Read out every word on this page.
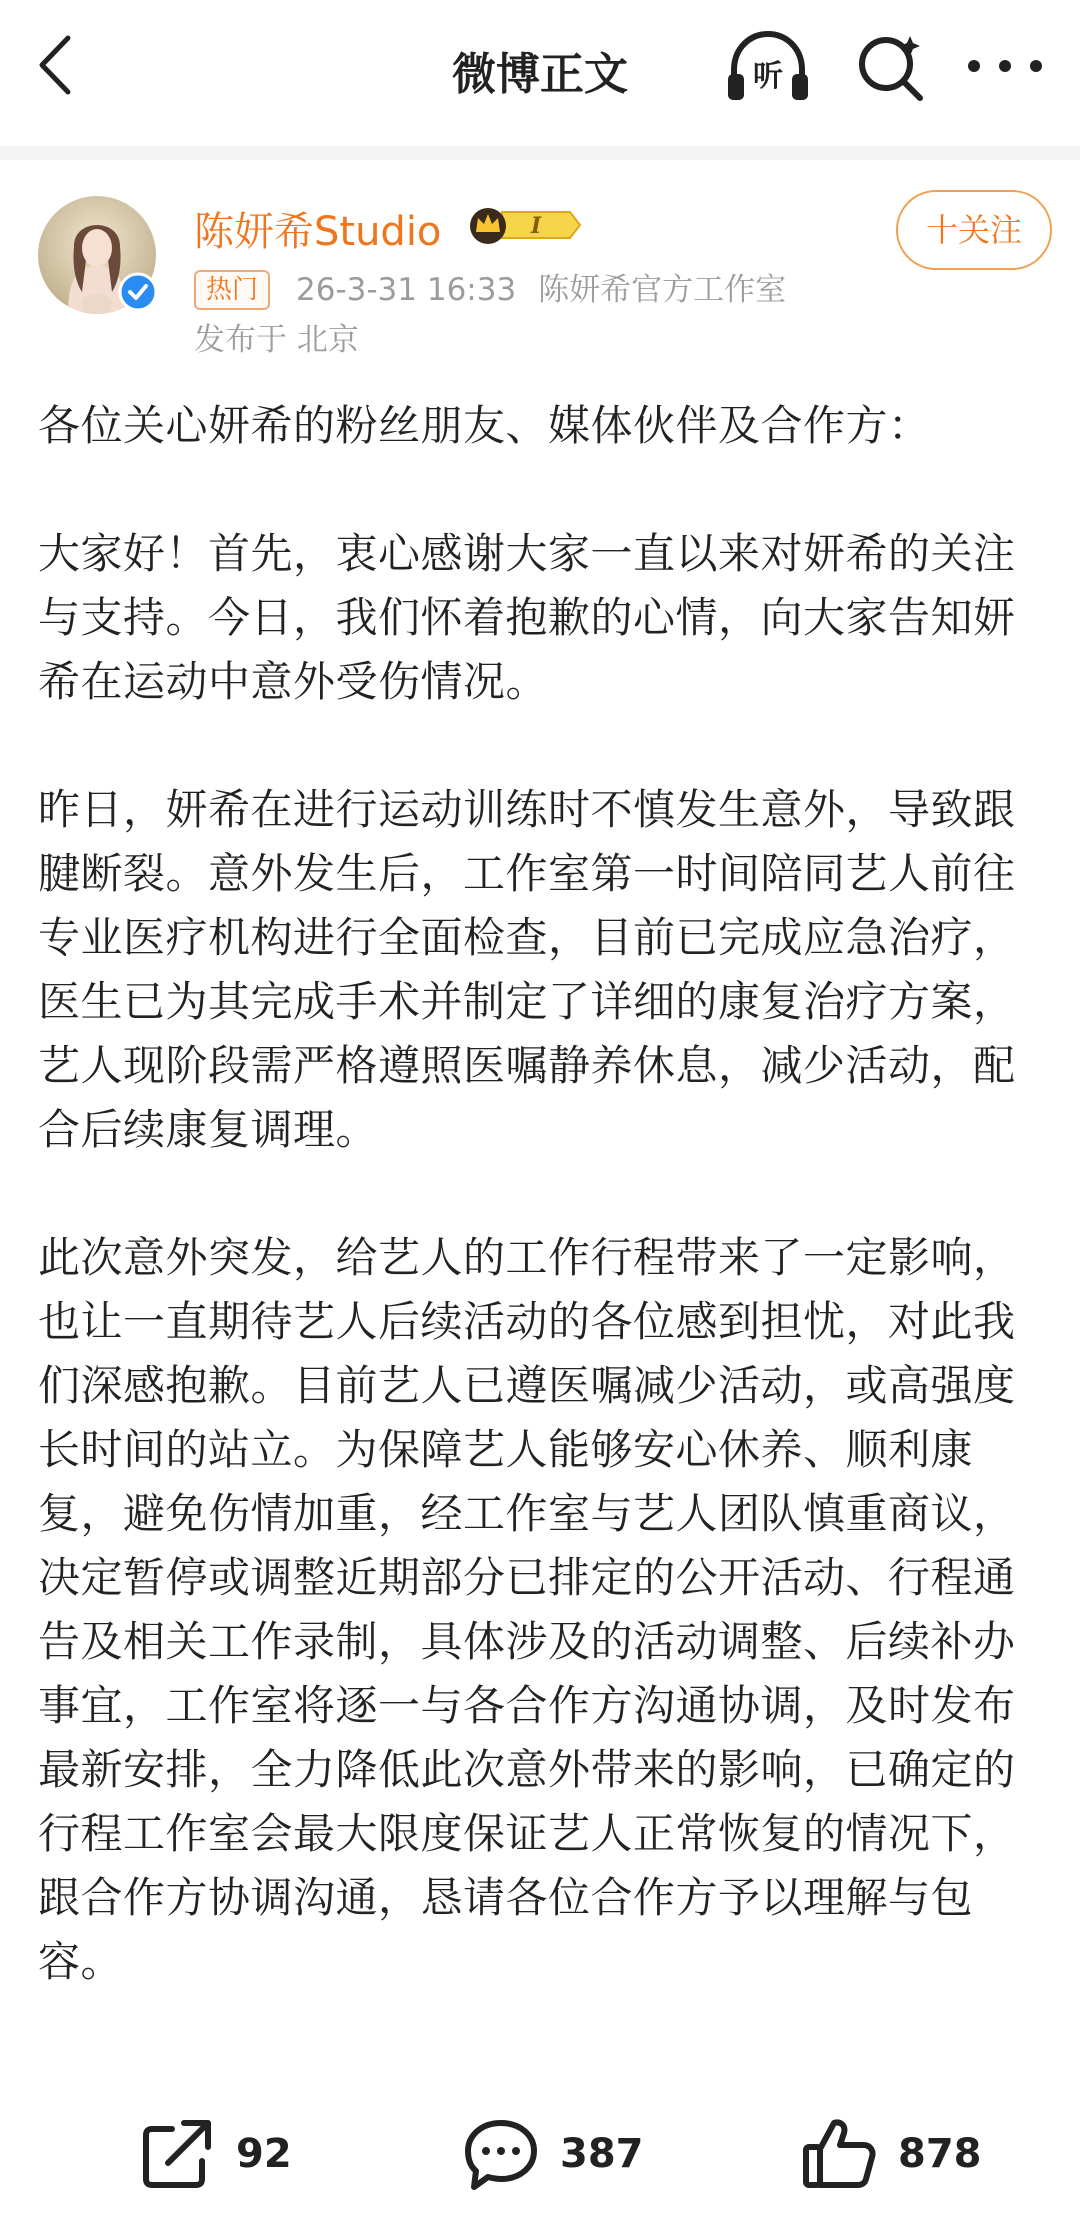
微博正文	听
陈妍希Studio	I
热门	26-3-31 16:33 陈妍希官方工作室
发布于 北京
十关注

各位关心妍希的粉丝朋友、媒体伙伴及合作方：

大家好！首先，衷心感谢大家一直以来对妍希的关注与支持。今日，我们怀着抱歉的心情，向大家告知妍希在运动中意外受伤情况。

昨日，妍希在进行运动训练时不慎发生意外，导致跟腱断裂。意外发生后，工作室第一时间陪同艺人前往专业医疗机构进行全面检查，目前已完成应急治疗，医生已为其完成手术并制定了详细的康复治疗方案，艺人现阶段需严格遵照医嘱静养休息，减少活动，配合后续康复调理。

此次意外突发，给艺人的工作行程带来了一定影响，也让一直期待艺人后续活动的各位感到担忧，对此我们深感抱歉。目前艺人已遵医嘱减少活动，或高强度长时间的站立。为保障艺人能够安心休养、顺利康复，避免伤情加重，经工作室与艺人团队慎重商议，决定暂停或调整近期部分已排定的公开活动、行程通告及相关工作录制，具体涉及的活动调整、后续补办事宜，工作室将逐一与各合作方沟通协调，及时发布最新安排，全力降低此次意外带来的影响，已确定的行程工作室会最大限度保证艺人正常恢复的情况下，跟合作方协调沟通，恳请各位合作方予以理解与包容。

92	387	878
